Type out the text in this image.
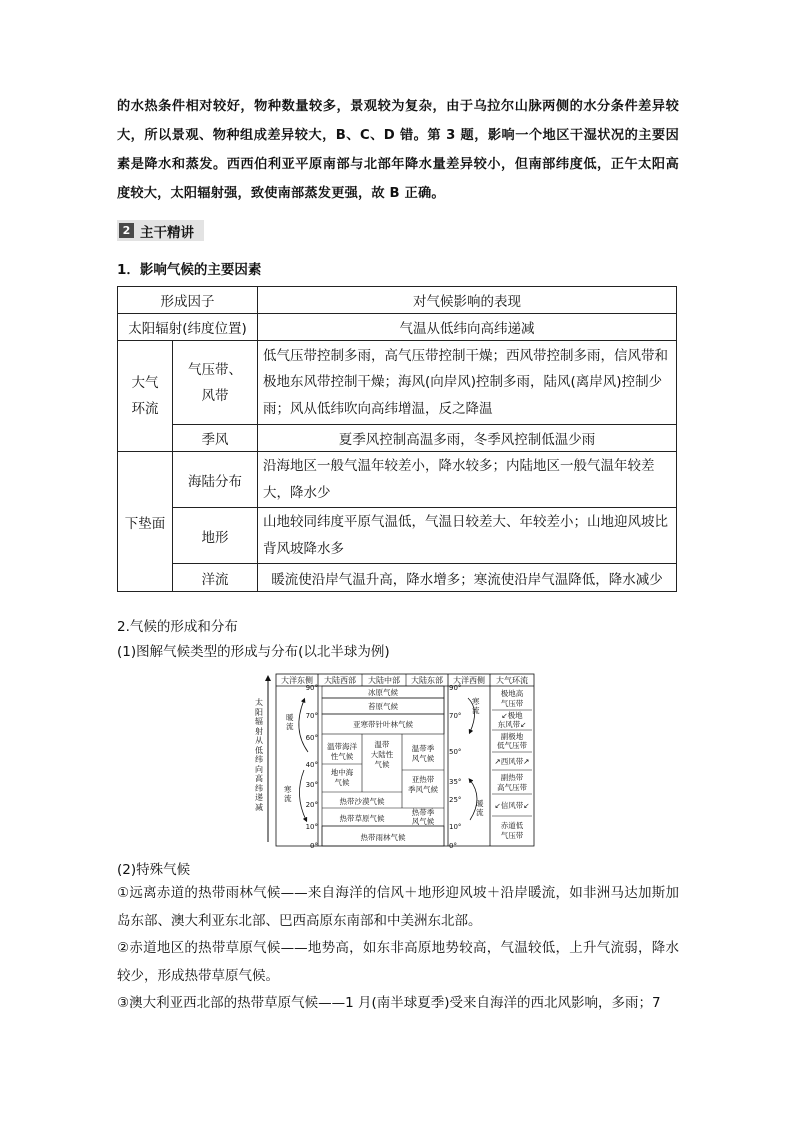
的水热条件相对较好，物种数量较多，景观较为复杂，由于乌拉尔山脉两侧的水分条件差异较大，所以景观、物种组成差异较大，B、C、D 错。第 3 题，影响一个地区干湿状况的主要因素是降水和蒸发。西西伯利亚平原南部与北部年降水量差异较小，但南部纬度低，正午太阳高度较大，太阳辐射强，致使南部蒸发更强，故 B 正确。
2 主干精讲
1．影响气候的主要因素
形成因子		对气候影响的表现
太阳辐射(纬度位置)		气温从低纬向高纬递减
大气环流	气压带、风带	低气压带控制多雨，高气压带控制干燥；西风带控制多雨，信风带和极地东风带控制干燥；海风(向岸风)控制多雨，陆风(离岸风)控制少雨；风从低纬吹向高纬增温，反之降温
	季风	夏季风控制高温多雨，冬季风控制低温少雨
下垫面	海陆分布	沿海地区一般气温年较差小，降水较多；内陆地区一般气温年较差大，降水少
	地形	山地较同纬度平原气温低，气温日较差大、年较差小；山地迎风坡比背风坡降水多
	洋流	暖流使沿岸气温升高，降水增多；寒流使沿岸气温降低，降水减少
2.气候的形成和分布
(1)图解气候类型的形成与分布(以北半球为例)
大洋东侧 大陆西部 大陆中部 大陆东部 大洋西侧 大气环流
90°
70°
60°
40°
30°
20°
10°
0°
冰原气候
苔原气候
亚寒带针叶林气候
温带海洋性气候
温带大陆性气候
温带季风气候
地中海气候	亚热带季风气候
热带沙漠气候
热带季风气候
热带草原气候
热带雨林气候
暖流
寒流
90°
70°
50°
35°
25°
10°
0°
寒流
暖流
极地高气压带
↙极地东风带↙
副极地低气压带
↗西风带↗
副热带高气压带
↙信风带↙
赤道低气压带
太阳辐射从低纬向高纬递减
(2)特殊气候
①远离赤道的热带雨林气候——来自海洋的信风＋地形迎风坡＋沿岸暖流，如非洲马达加斯加岛东部、澳大利亚东北部、巴西高原东南部和中美洲东北部。
②赤道地区的热带草原气候——地势高，如东非高原地势较高，气温较低，上升气流弱，降水较少，形成热带草原气候。
③澳大利亚西北部的热带草原气候——1 月(南半球夏季)受来自海洋的西北风影响，多雨；7
